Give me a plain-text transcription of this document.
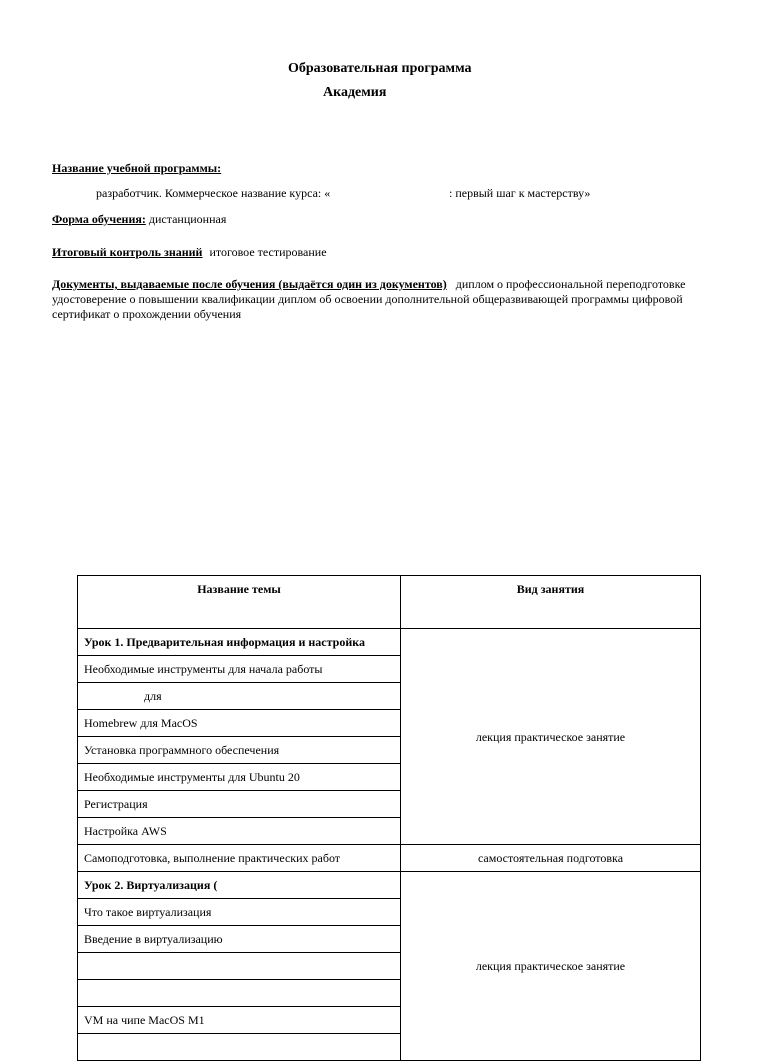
Образовательная программа
Академия
Название учебной программы:
разработчик. Коммерческое название курса: «	: первый шаг к мастерству»
Форма обучения: дистанционная
Итоговый контроль знаний итоговое тестирование
Документы, выдаваемые после обучения (выдаётся один из документов) диплом о профессиональной переподготовке удостоверение о повышении квалификации диплом об освоении дополнительной общеразвивающей программы цифровой сертификат о прохождении обучения
Название темы	Вид занятия
Урок 1. Предварительная информация и настройка	лекция практическое занятие
Необходимые инструменты для начала работы	
для	
Homebrew для MacOS	
Установка программного обеспечения	
Необходимые инструменты для Ubuntu 20	
Регистрация	
Настройка AWS	
Самоподготовка, выполнение практических работ	самостоятельная подготовка
Урок 2. Виртуализация (	лекция практическое занятие
Что такое виртуализация	
Введение в виртуализацию	

VM на чипе MacOS M1	
